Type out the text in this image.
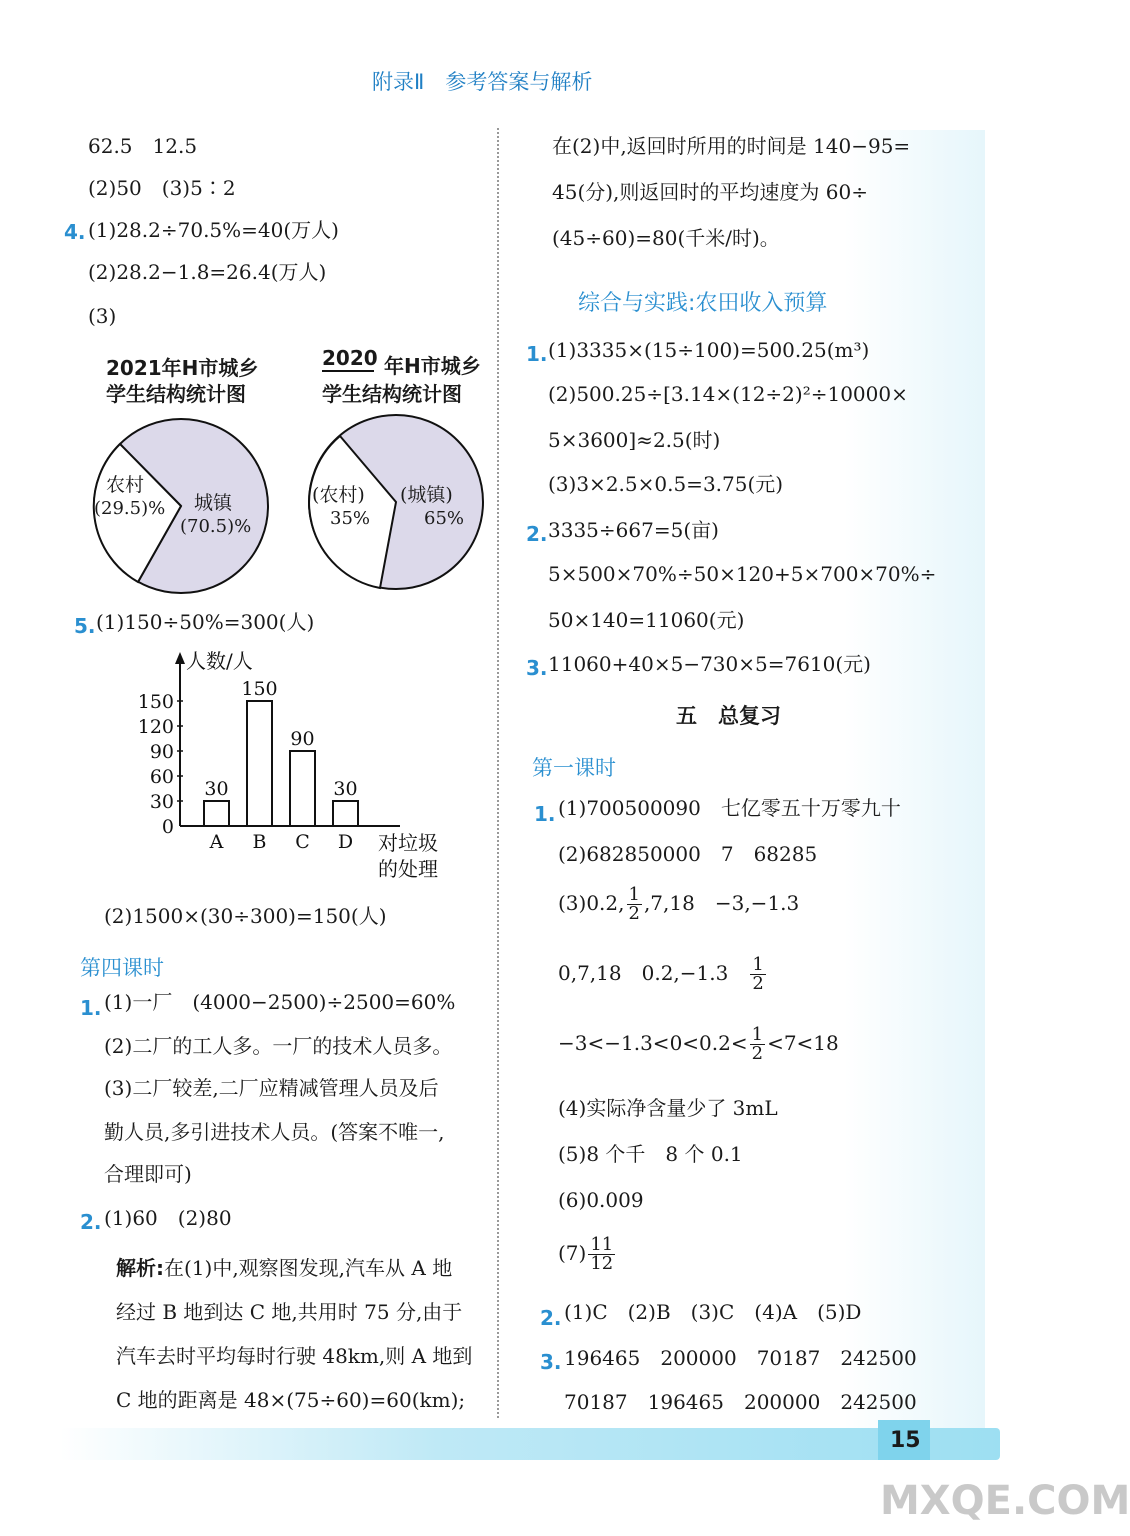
附录Ⅱ　参考答案与解析
62.5　12.5
(2)50　(3)5∶2
4. (1)28.2÷70.5%=40(万人)
(2)28.2−1.8=26.4(万人)
(3)
2021年H市城乡
学生结构统计图
农村
(29.5)% 城镇
(70.5)%
2020 年H市城乡
学生结构统计图
(农村)
35%
(城镇)
65%
5. (1)150÷50%=300(人)
人数/人
0
30
60
90
120
150
30
A
150
B
90
C
30
D 对垃圾
的处理
(2)1500×(30÷300)=150(人)
第四课时
1. (1)一厂　(4000−2500)÷2500=60%
(2)二厂的工人多。一厂的技术人员多。
(3)二厂较差,二厂应精减管理人员及后
勤人员,多引进技术人员。(答案不唯一,
合理即可)
2. (1)60　(2)80
解析:在(1)中,观察图发现,汽车从 A 地
经过 B 地到达 C 地,共用时 75 分,由于
汽车去时平均每时行驶 48km,则 A 地到
C 地的距离是 48×(75÷60)=60(km);
在(2)中,返回时所用的时间是 140−95=
45(分),则返回时的平均速度为 60÷
(45÷60)=80(千米/时)。
综合与实践:农田收入预算
1. (1)3335×(15÷100)=500.25(m³)
(2)500.25÷[3.14×(12÷2)²÷10000×
5×3600]≈2.5(时)
(3)3×2.5×0.5=3.75(元)
2. 3335÷667=5(亩)
5×500×70%÷50×120+5×700×70%÷
50×140=11060(元)
3. 11060+40×5−730×5=7610(元)
五　总复习
第一课时
1. (1)700500090　七亿零五十万零九十
(2)682850000　7　68285
(3)0.2, $\frac{1}{2} ,7,18$　−3,−1.3
0,7,18　0.2,−1.3　 $\frac{1}{2}$
$-3<-1.3<0<0.2< \frac{1}{2} <7<18$
(4)实际净含量少了 3mL
(5)8 个千　8 个 0.1
(6)0.009
$(7) \frac{11}{12}$
2. (1)C　(2)B　(3)C　(4)A　(5)D
3. 196465　200000　70187　242500
70187　196465　200000　242500
15
MXQE.COM
